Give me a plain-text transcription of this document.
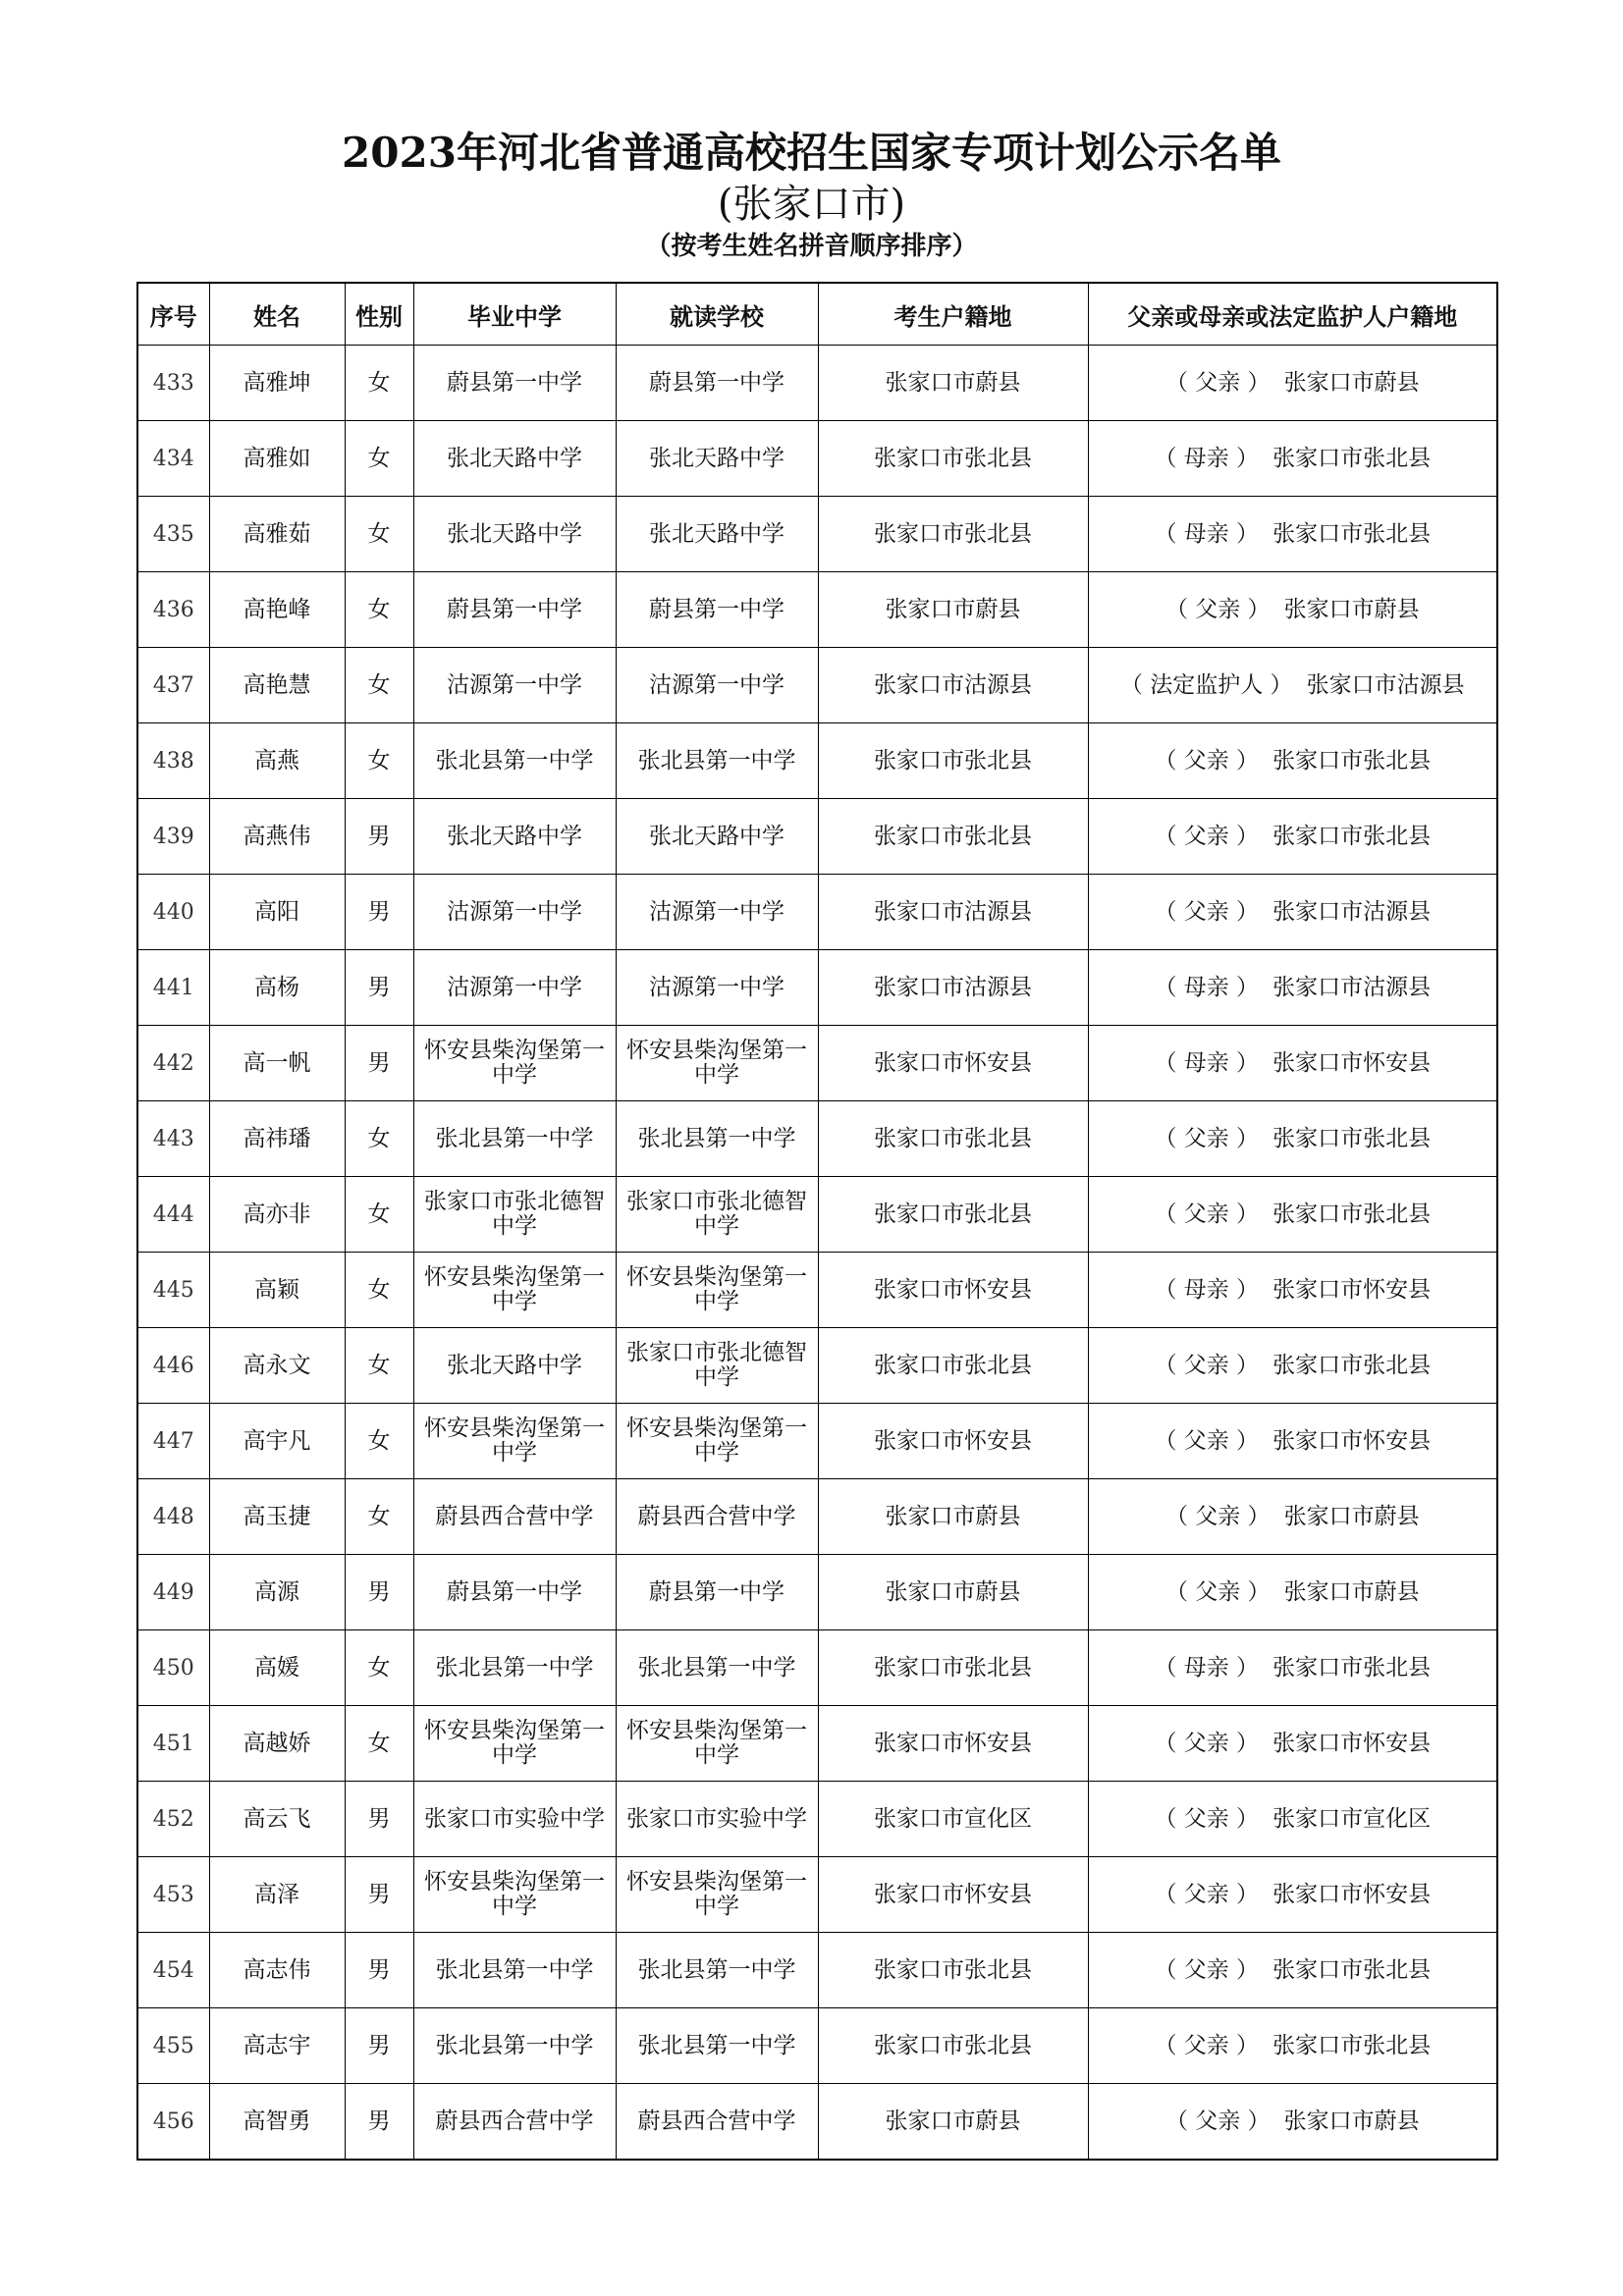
2023年河北省普通高校招生国家专项计划公示名单
(张家口市)
（按考生姓名拼音顺序排序）
序号	姓名	性别	毕业中学	就读学校	考生户籍地	父亲或母亲或法定监护人户籍地
433	高雅坤	女	蔚县第一中学	蔚县第一中学	张家口市蔚县	（ 父亲 ） 张家口市蔚县
434	高雅如	女	张北天路中学	张北天路中学	张家口市张北县	（ 母亲 ） 张家口市张北县
435	高雅茹	女	张北天路中学	张北天路中学	张家口市张北县	（ 母亲 ） 张家口市张北县
436	高艳峰	女	蔚县第一中学	蔚县第一中学	张家口市蔚县	（ 父亲 ） 张家口市蔚县
437	高艳慧	女	沽源第一中学	沽源第一中学	张家口市沽源县	（ 法定监护人 ） 张家口市沽源县
438	高燕	女	张北县第一中学	张北县第一中学	张家口市张北县	（ 父亲 ） 张家口市张北县
439	高燕伟	男	张北天路中学	张北天路中学	张家口市张北县	（ 父亲 ） 张家口市张北县
440	高阳	男	沽源第一中学	沽源第一中学	张家口市沽源县	（ 父亲 ） 张家口市沽源县
441	高杨	男	沽源第一中学	沽源第一中学	张家口市沽源县	（ 母亲 ） 张家口市沽源县
442	高一帆	男	怀安县柴沟堡第一中学	怀安县柴沟堡第一中学	张家口市怀安县	（ 母亲 ） 张家口市怀安县
443	高祎璠	女	张北县第一中学	张北县第一中学	张家口市张北县	（ 父亲 ） 张家口市张北县
444	高亦非	女	张家口市张北德智中学	张家口市张北德智中学	张家口市张北县	（ 父亲 ） 张家口市张北县
445	高颖	女	怀安县柴沟堡第一中学	怀安县柴沟堡第一中学	张家口市怀安县	（ 母亲 ） 张家口市怀安县
446	高永文	女	张北天路中学	张家口市张北德智中学	张家口市张北县	（ 父亲 ） 张家口市张北县
447	高宇凡	女	怀安县柴沟堡第一中学	怀安县柴沟堡第一中学	张家口市怀安县	（ 父亲 ） 张家口市怀安县
448	高玉捷	女	蔚县西合营中学	蔚县西合营中学	张家口市蔚县	（ 父亲 ） 张家口市蔚县
449	高源	男	蔚县第一中学	蔚县第一中学	张家口市蔚县	（ 父亲 ） 张家口市蔚县
450	高媛	女	张北县第一中学	张北县第一中学	张家口市张北县	（ 母亲 ） 张家口市张北县
451	高越娇	女	怀安县柴沟堡第一中学	怀安县柴沟堡第一中学	张家口市怀安县	（ 父亲 ） 张家口市怀安县
452	高云飞	男	张家口市实验中学	张家口市实验中学	张家口市宣化区	（ 父亲 ） 张家口市宣化区
453	高泽	男	怀安县柴沟堡第一中学	怀安县柴沟堡第一中学	张家口市怀安县	（ 父亲 ） 张家口市怀安县
454	高志伟	男	张北县第一中学	张北县第一中学	张家口市张北县	（ 父亲 ） 张家口市张北县
455	高志宇	男	张北县第一中学	张北县第一中学	张家口市张北县	（ 父亲 ） 张家口市张北县
456	高智勇	男	蔚县西合营中学	蔚县西合营中学	张家口市蔚县	（ 父亲 ） 张家口市蔚县
